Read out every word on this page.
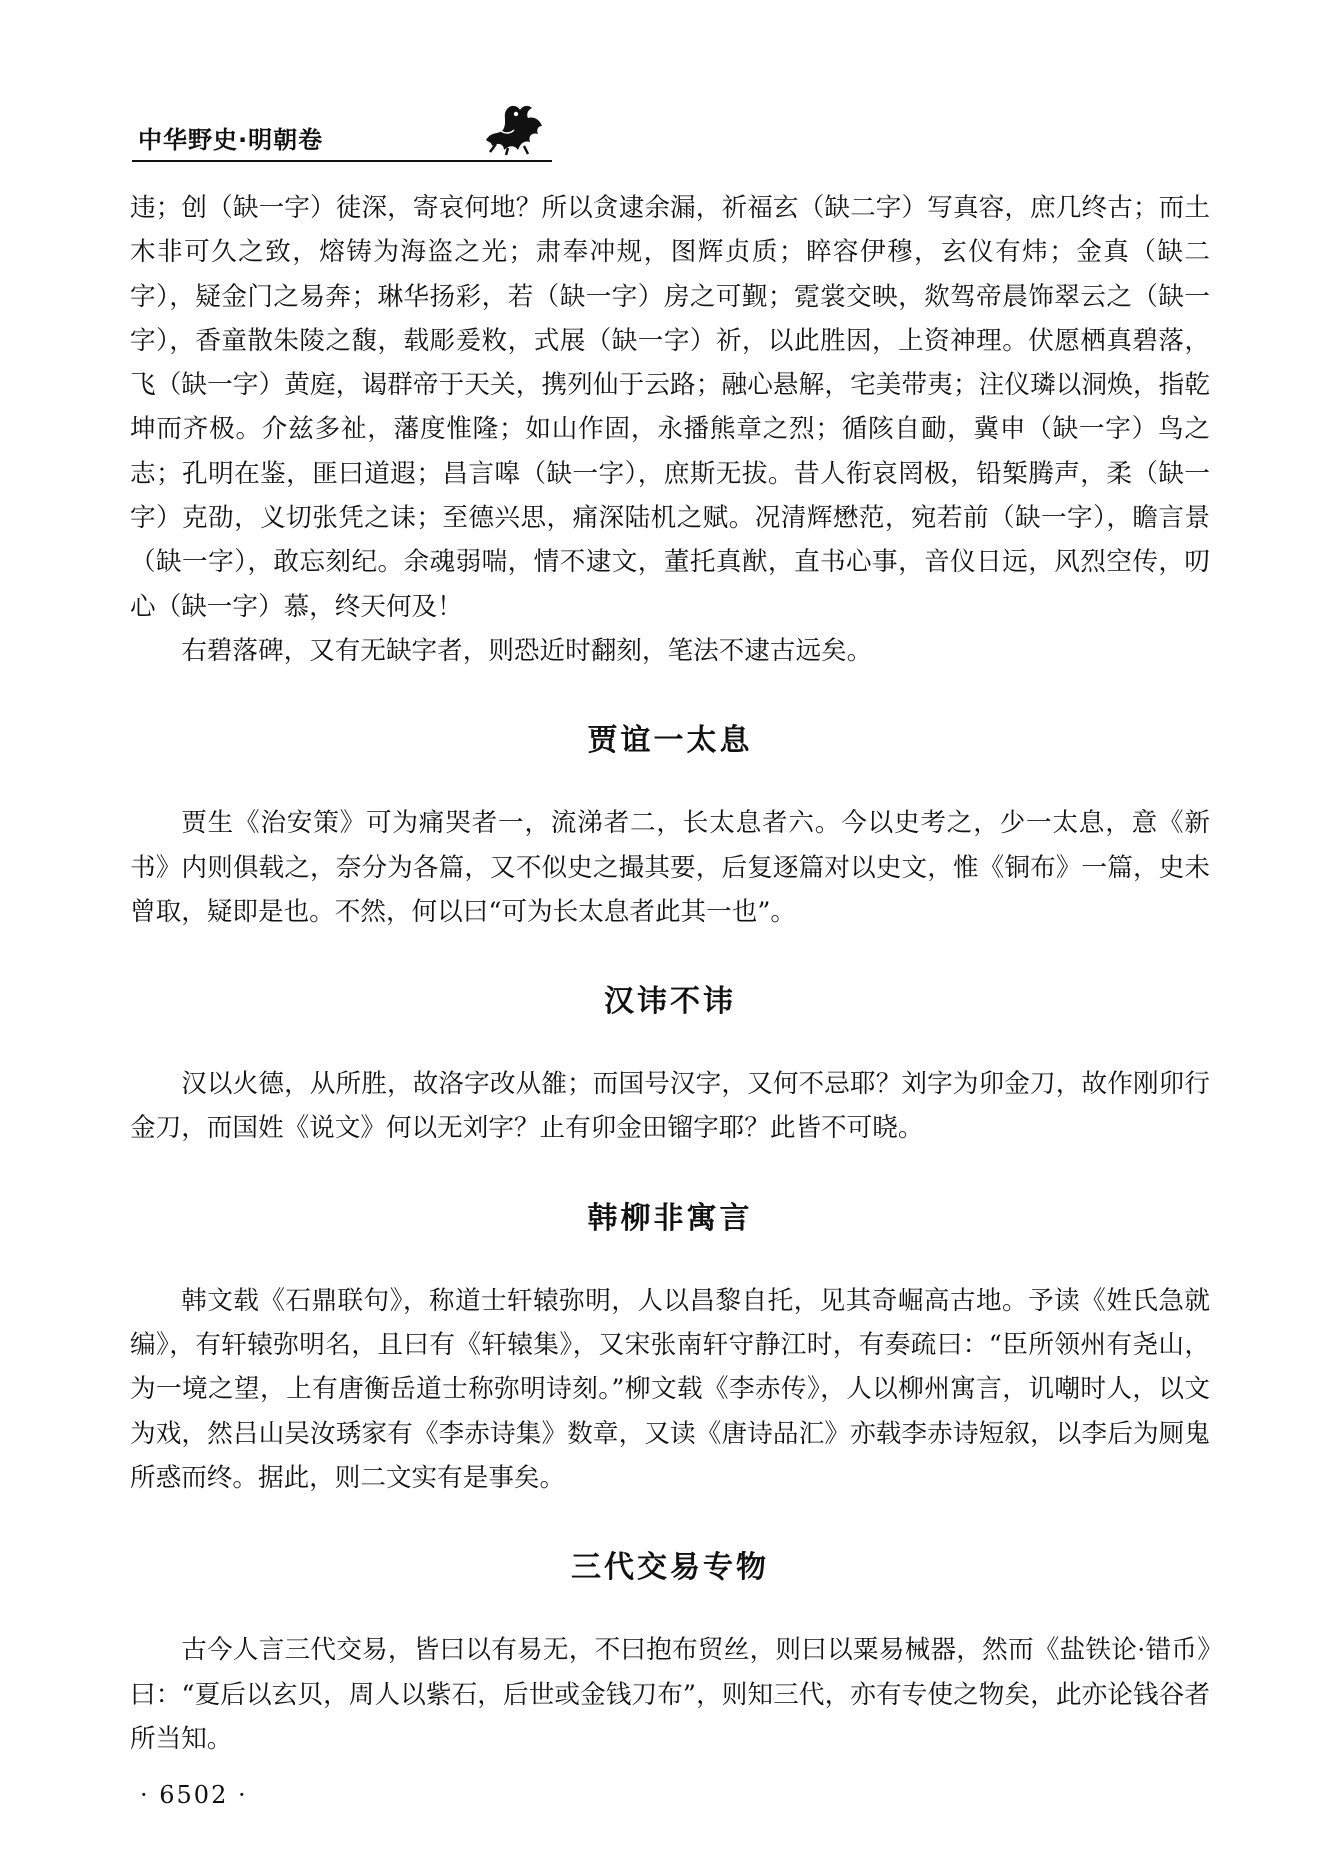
中华野史·明朝卷

违；创（缺一字）徒深，寄哀何地？所以贪逮余漏，祈福玄（缺二字）写真容，庶几终古；而土木非可久之致，熔铸为海盗之光；肃奉冲规，图辉贞质；睟容伊穆，玄仪有炜；金真（缺二字），疑金门之易奔；琳华扬彩，若（缺一字）房之可觐；霓裳交映，欻驾帝晨饰翠云之（缺一字），香童散朱陵之馥，载彫爰敉，式展（缺一字）祈，以此胜因，上资神理。伏愿栖真碧落，飞（缺一字）黄庭，谒群帝于天关，携列仙于云路；融心悬解，宅美带夷；注仪璘以洞焕，指乾坤而齐极。介兹多祉，藩度惟隆；如山作固，永播熊章之烈；循陔自勔，冀申（缺一字）鸟之志；孔明在鉴，匪曰道遐；昌言嗥（缺一字），庶斯无拔。昔人衔哀罔极，铅椠腾声，柔（缺一字）克劭，义切张凭之诔；至德兴思，痛深陆机之赋。况清辉懋范，宛若前（缺一字），瞻言景（缺一字），敢忘刻纪。余魂弱喘，情不逮文，董托真猷，直书心事，音仪日远，风烈空传，叨心（缺一字）慕，终天何及！

右碧落碑，又有无缺字者，则恐近时翻刻，笔法不逮古远矣。

贾谊一太息

贾生《治安策》可为痛哭者一，流涕者二，长太息者六。今以史考之，少一太息，意《新书》内则俱载之，奈分为各篇，又不似史之撮其要，后复逐篇对以史文，惟《铜布》一篇，史未曾取，疑即是也。不然，何以曰“可为长太息者此其一也”。

汉讳不讳

汉以火德，从所胜，故洛字改从雒；而国号汉字，又何不忌耶？刘字为卯金刀，故作刚卯行金刀，而国姓《说文》何以无刘字？止有卯金田镏字耶？此皆不可晓。

韩柳非寓言

韩文载《石鼎联句》，称道士轩辕弥明，人以昌黎自托，见其奇崛高古地。予读《姓氏急就编》，有轩辕弥明名，且曰有《轩辕集》，又宋张南轩守静江时，有奏疏曰：“臣所领州有尧山，为一境之望，上有唐衡岳道士称弥明诗刻。”柳文载《李赤传》，人以柳州寓言，讥嘲时人，以文为戏，然吕山吴汝琇家有《李赤诗集》数章，又读《唐诗品汇》亦载李赤诗短叙，以李后为厕鬼所惑而终。据此，则二文实有是事矣。

三代交易专物

古今人言三代交易，皆曰以有易无，不曰抱布贸丝，则曰以粟易械器，然而《盐铁论·错币》曰：“夏后以玄贝，周人以紫石，后世或金钱刀布”，则知三代，亦有专使之物矣，此亦论钱谷者所当知。

· 6502 ·
